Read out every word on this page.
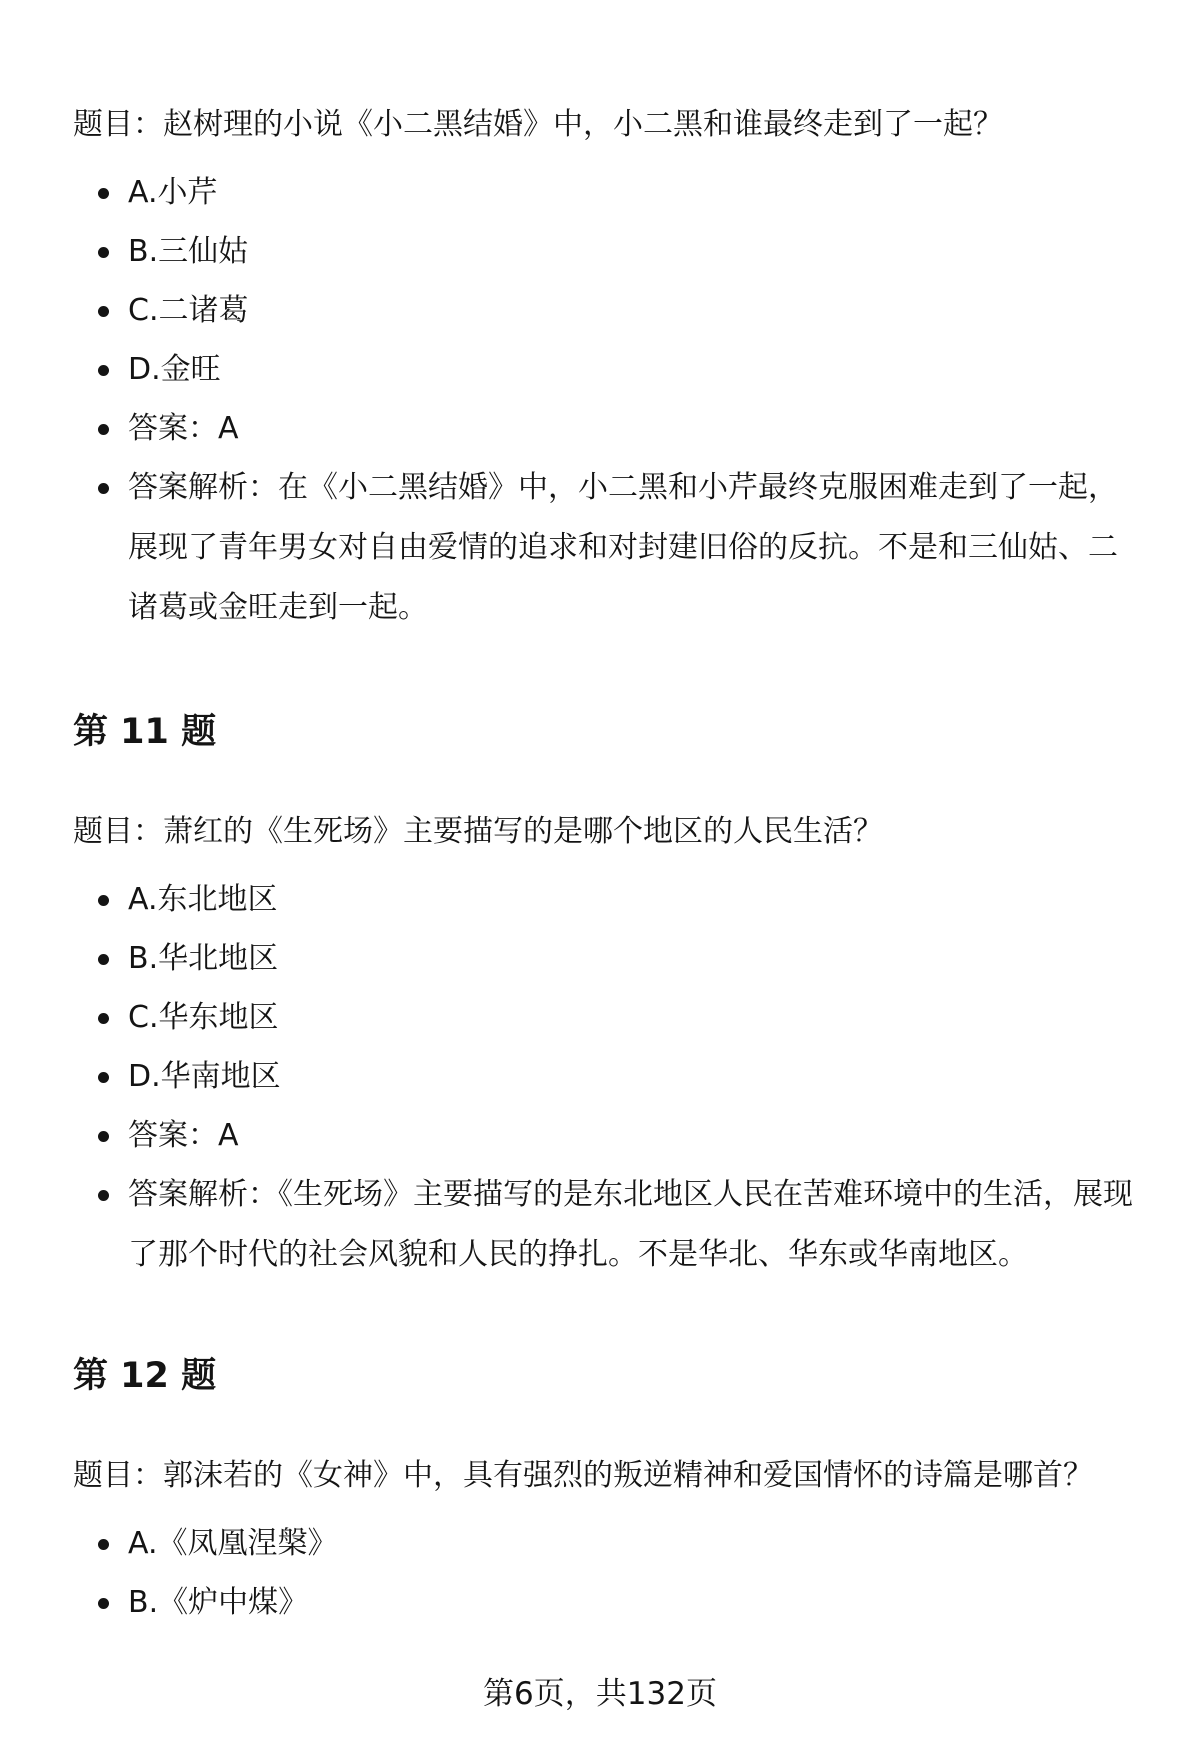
题目：赵树理的小说《小二黑结婚》中，小二黑和谁最终走到了一起？

A.小芹
B.三仙姑
C.二诸葛
D.金旺
答案：A
答案解析：在《小二黑结婚》中，小二黑和小芹最终克服困难走到了一起，展现了青年男女对自由爱情的追求和对封建旧俗的反抗。不是和三仙姑、二诸葛或金旺走到一起。
第 11 题

题目：萧红的《生死场》主要描写的是哪个地区的人民生活？

A.东北地区
B.华北地区
C.华东地区
D.华南地区
答案：A
答案解析：《生死场》主要描写的是东北地区人民在苦难环境中的生活，展现了那个时代的社会风貌和人民的挣扎。不是华北、华东或华南地区。
第 12 题

题目：郭沫若的《女神》中，具有强烈的叛逆精神和爱国情怀的诗篇是哪首？

A.《凤凰涅槃》
B.《炉中煤》
第6页，共132页
